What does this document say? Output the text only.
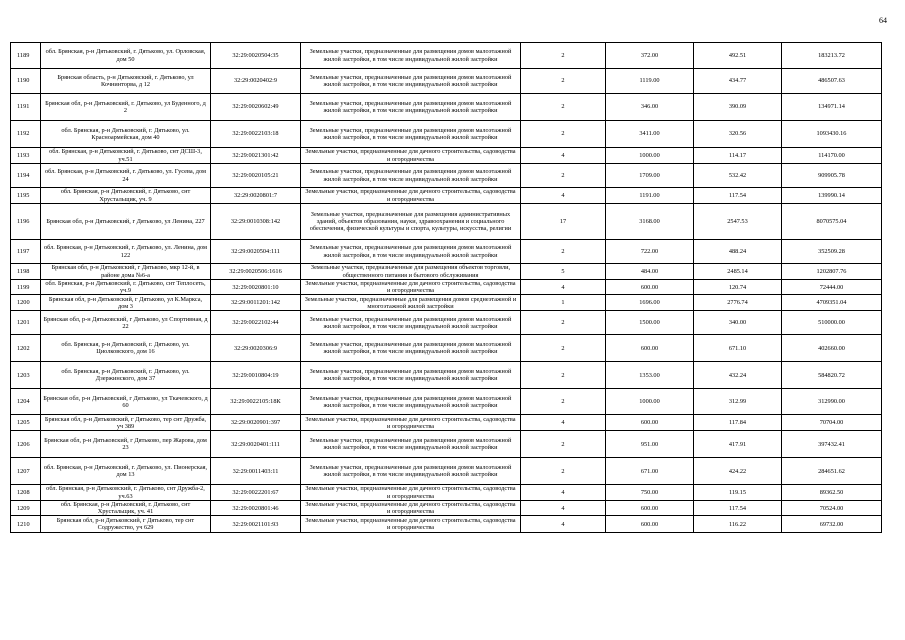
64
1189	обл. Брянская, р-н Дятьковский, г. Дятьково, ул. Орловская, дом 50	32:29:0020504:35	Земельные участки, предназначенные для размещения домов малоэтажной жилой застройки, в том числе индивидуальной жилой застройки	2	372.00	492.51	183213.72
1190	Брянская область, р-н Дятьковский, г. Дятьково, ул Кочнинторва, д 12	32:29:0020402:9	Земельные участки, предназначенные для размещения домов малоэтажной жилой застройки, в том числе индивидуальной жилой застройки	2	1119.00	434.77	486507.63
1191	Брянская обл, р-н Дятьковский, г. Дятьково, ул Буденного, д 2	32:29:0020602:49	Земельные участки, предназначенные для размещения домов малоэтажной жилой застройки, в том числе индивидуальной жилой застройки	2	346.00	390.09	134971.14
1192	обл. Брянская, р-н Дятьковский, г. Дятьково, ул. Красноармейская, дом 40	32:29:0022103:18	Земельные участки, предназначенные для размещения домов малоэтажной жилой застройки, в том числе индивидуальной жилой застройки	2	3411.00	320.56	1093430.16
1193	обл. Брянская, р-н Дятьковский, г. Дятьково, снт ДСШ-3, уч.51	32:29:0021301:42	Земельные участки, предназначенные для дачного строительства, садоводства и огородничества	4	1000.00	114.17	114170.00
1194	обл. Брянская, р-н Дятьковский, г. Дятьково, ул. Гусева, дом 24	32:29:0020105:21	Земельные участки, предназначенные для размещения домов малоэтажной жилой застройки, в том числе индивидуальной жилой застройки	2	1709.00	532.42	909905.78
1195	обл. Брянская, р-н Дятьковский, г. Дятьково, снт Хрустальщик, уч. 9	32:29:0020801:7	Земельные участки, предназначенные для дачного строительства, садоводства и огородничества	4	1191.00	117.54	139990.14
1196	Брянская обл, р-н Дятьковский, г Дятьково, ул Ленина, 227	32:29:0010308:142	Земельные участки, предназначенные для размещения административных зданий, объектов образования, науки, здравоохранения и социального обеспечения, физической культуры и спорта, культуры, искусства, религии	17	3168.00	2547.53	8070575.04
1197	обл. Брянская, р-н Дятьковский, г. Дятьково, ул. Ленина, дом 122	32:29:0020504:111	Земельные участки, предназначенные для размещения домов малоэтажной жилой застройки, в том числе индивидуальной жилой застройки	2	722.00	488.24	352509.28
1198	Брянская обл, р-н Дятьковский, г Дятьково, мкр 12-й, в районе дома №6-а	32:29:0020506:1616	Земельные участки, предназначенные для размещения объектов торговли, общественного питания и бытового обслуживания	5	484.00	2485.14	1202807.76
1199	обл. Брянская, р-н Дятьковский, г. Дятьково, снт Теплосеть, уч.9	32:29:0020801:10	Земельные участки, предназначенные для дачного строительства, садоводства и огородничества	4	600.00	120.74	72444.00
1200	Брянская обл, р-н Дятьковский, г Дятьково, ул К.Маркса, дом 3	32:29:0011201:142	Земельные участки, предназначенные для размещения домов среднеэтажной и многоэтажной жилой застройки	1	1696.00	2776.74	4709351.04
1201	Брянская обл, р-н Дятьковский, г Дятьково, ул Спортивная, д 22	32:29:0022102:44	Земельные участки, предназначенные для размещения домов малоэтажной жилой застройки, в том числе индивидуальной жилой застройки	2	1500.00	340.00	510000.00
1202	обл. Брянская, р-н Дятьковский, г. Дятьково, ул. Циолковского, дом 16	32:29:0020306:9	Земельные участки, предназначенные для размещения домов малоэтажной жилой застройки, в том числе индивидуальной жилой застройки	2	600.00	671.10	402660.00
1203	обл. Брянская, р-н Дятьковский, г. Дятьково, ул. Дзержинского, дом 37	32:29:0010804:19	Земельные участки, предназначенные для размещения домов малоэтажной жилой застройки, в том числе индивидуальной жилой застройки	2	1353.00	432.24	584820.72
1204	Брянская обл, р-н Дятьковский, г Дятьково, ул Ткачевского, д 60	32:29:0022105:18К	Земельные участки, предназначенные для размещения домов малоэтажной жилой застройки, в том числе индивидуальной жилой застройки	2	1000.00	312.99	312990.00
1205	Брянская обл, р-н Дятьковский, г Дятьково, тер снт Дружба, уч 389	32:29:0020901:397	Земельные участки, предназначенные для дачного строительства, садоводства и огородничества	4	600.00	117.84	70704.00
1206	Брянская обл, р-н Дятьковский, г Дятьково, пер Жарова, дом 23	32:29:0020401:111	Земельные участки, предназначенные для размещения домов малоэтажной жилой застройки, в том числе индивидуальной жилой застройки	2	951.00	417.91	397432.41
1207	обл. Брянская, р-н Дятьковский, г. Дятьково, ул. Пионерская, дом 13	32:29:0011403:11	Земельные участки, предназначенные для размещения домов малоэтажной жилой застройки, в том числе индивидуальной жилой застройки	2	671.00	424.22	284651.62
1208	обл. Брянская, р-н Дятьковский, г. Дятьково, снт Дружба-2, уч.63	32:29:0022201:67	Земельные участки, предназначенные для дачного строительства, садоводства и огородничества	4	750.00	119.15	89362.50
1209	обл. Брянская, р-н Дятьковский, г. Дятьково, снт Хрустальщик, уч. 41	32:29:0020801:46	Земельные участки, предназначенные для дачного строительства, садоводства и огородничества	4	600.00	117.54	70524.00
1210	Брянская обл, р-н Дятьковский, г Дятьково, тер снт Содружество, уч 629	32:29:0021101:93	Земельные участки, предназначенные для дачного строительства, садоводства и огородничества	4	600.00	116.22	69732.00
